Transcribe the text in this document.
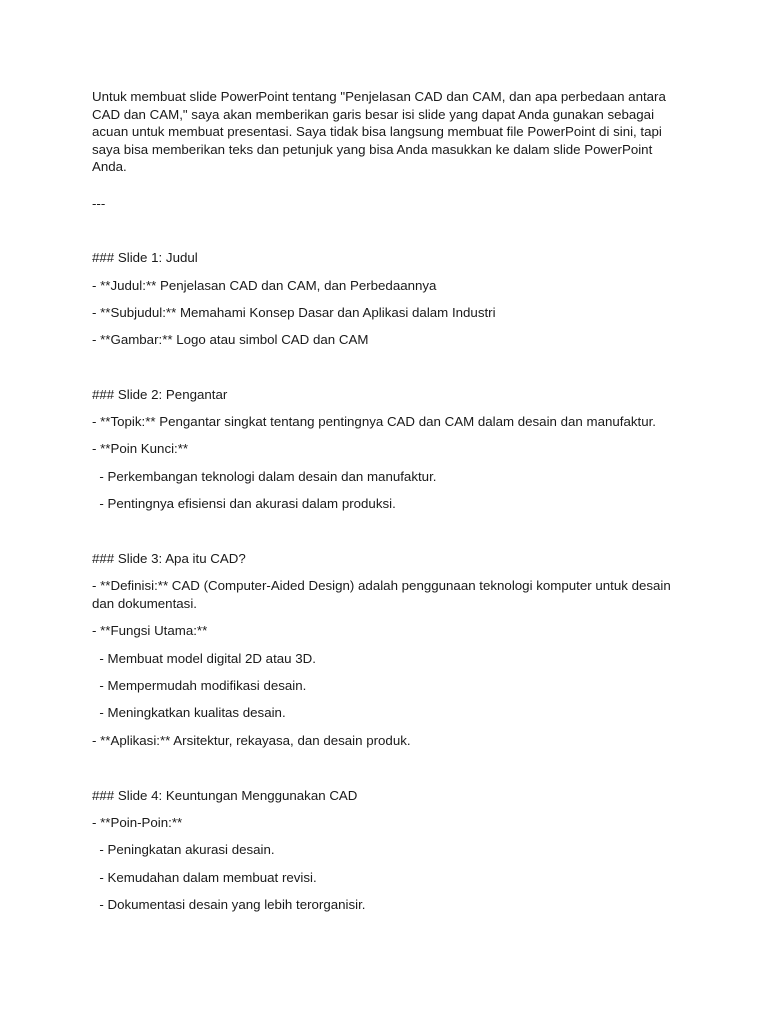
Untuk membuat slide PowerPoint tentang "Penjelasan CAD dan CAM, dan apa perbedaan antara CAD dan CAM," saya akan memberikan garis besar isi slide yang dapat Anda gunakan sebagai acuan untuk membuat presentasi. Saya tidak bisa langsung membuat file PowerPoint di sini, tapi saya bisa memberikan teks dan petunjuk yang bisa Anda masukkan ke dalam slide PowerPoint Anda.

---

### Slide 1: Judul

- **Judul:** Penjelasan CAD dan CAM, dan Perbedaannya

- **Subjudul:** Memahami Konsep Dasar dan Aplikasi dalam Industri

- **Gambar:** Logo atau simbol CAD dan CAM

### Slide 2: Pengantar

- **Topik:** Pengantar singkat tentang pentingnya CAD dan CAM dalam desain dan manufaktur.

- **Poin Kunci:**

- Perkembangan teknologi dalam desain dan manufaktur.

- Pentingnya efisiensi dan akurasi dalam produksi.

### Slide 3: Apa itu CAD?

- **Definisi:** CAD (Computer-Aided Design) adalah penggunaan teknologi komputer untuk desain dan dokumentasi.

- **Fungsi Utama:**

- Membuat model digital 2D atau 3D.

- Mempermudah modifikasi desain.

- Meningkatkan kualitas desain.

- **Aplikasi:** Arsitektur, rekayasa, dan desain produk.

### Slide 4: Keuntungan Menggunakan CAD

- **Poin-Poin:**

- Peningkatan akurasi desain.

- Kemudahan dalam membuat revisi.

- Dokumentasi desain yang lebih terorganisir.
